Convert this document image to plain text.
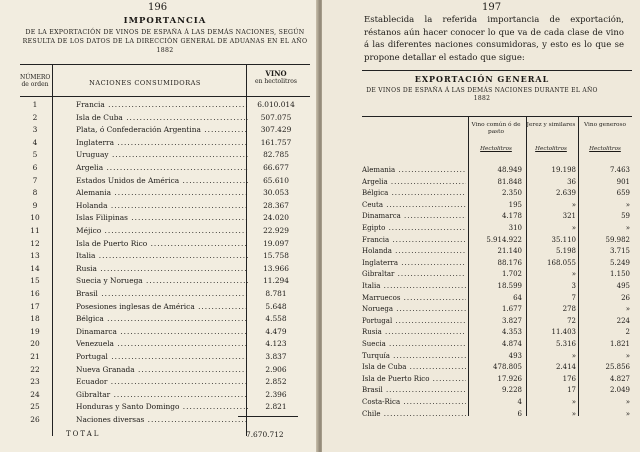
196
IMPORTANCIA
DE LA EXPORTACIÓN DE VINOS DE ESPAÑA Á LAS DEMÁS NACIONES, SEGÚN RESULTA DE LOS DATOS DE LA DIRECCIÓN GENERAL DE ADUANAS EN EL AÑO 1882
NÚMERO de orden	NACIONES CONSUMIDORAS
VINO
en hectolitros
1	Francia .....	6.010.014
2	Isla de Cuba .....	507.075
3	Plata, ó Confederación Argentina .....	307.429
4	Inglaterra .....	161.757
5	Uruguay .....	82.785
6	Argelia .....	66.677
7	Estados Unidos de América .....	65.610
8	Alemania .....	30.053
9	Holanda .....	28.367
10	Islas Filipinas .....	24.020
11	Méjico .....	22.929
12	Isla de Puerto Rico .....	19.097
13	Italia .....	15.758
14	Rusia .....	13.966
15	Suecia y Noruega .....	11.294
16	Brasil .....	8.781
17	Posesiones inglesas de América .....	5.648
18	Bélgica .....	4.558
19	Dinamarca .....	4.479
20	Venezuela .....	4.123
21	Portugal .....	3.837
22	Nueva Granada .....	2.906
23	Ecuador .....	2.852
24	Gibraltar .....	2.396
25	Honduras y Santo Domingo .....	2.821
26	Naciones diversas .....
TOTAL	7.670.712
197
Establecida la referida importancia de exportación, réstanos aún hacer conocer lo que va de cada clase de vino á las diferentes naciones consumidoras, y esto es lo que se propone detallar el estado que sigue:
EXPORTACIÓN GENERAL
DE VINOS DE ESPAÑA Á LAS DEMÁS NACIONES DURANTE EL AÑO 1882
Vino común ó de pasto
Jerez y similares	Vino generoso
Hectolitros	Hectolitros	Hectolitros
Alemania .....	48.949	19.198	7.463
Argelia .....	81.848	36	901
Bélgica .....	2.350	2.639	659
Ceuta .....	195	»	»
Dinamarca .....	4.178	321	59
Egipto .....	310	»	»
Francia .....	5.914.922	35.110	59.982
Holanda .....	21.140	5.198	3.715
Inglaterra .....	88.176	168.055	5.249
Gibraltar .....	1.702	»	1.150
Italia .....	18.599	3	495
Marruecos .....	64	7	26
Noruega .....	1.677	278	»
Portugal .....	3.827	72	224
Rusia .....	4.353	11.403	2
Suecia .....	4.874	5.316	1.821
Turquía .....	493	»	»
Isla de Cuba .....	478.805	2.414	25.856
Isla de Puerto Rico .....	17.926	176	4.827
Brasil .....	9.228	17	2.049
Costa-Rica .....	4	»	»
Chile .....	6	»	»
